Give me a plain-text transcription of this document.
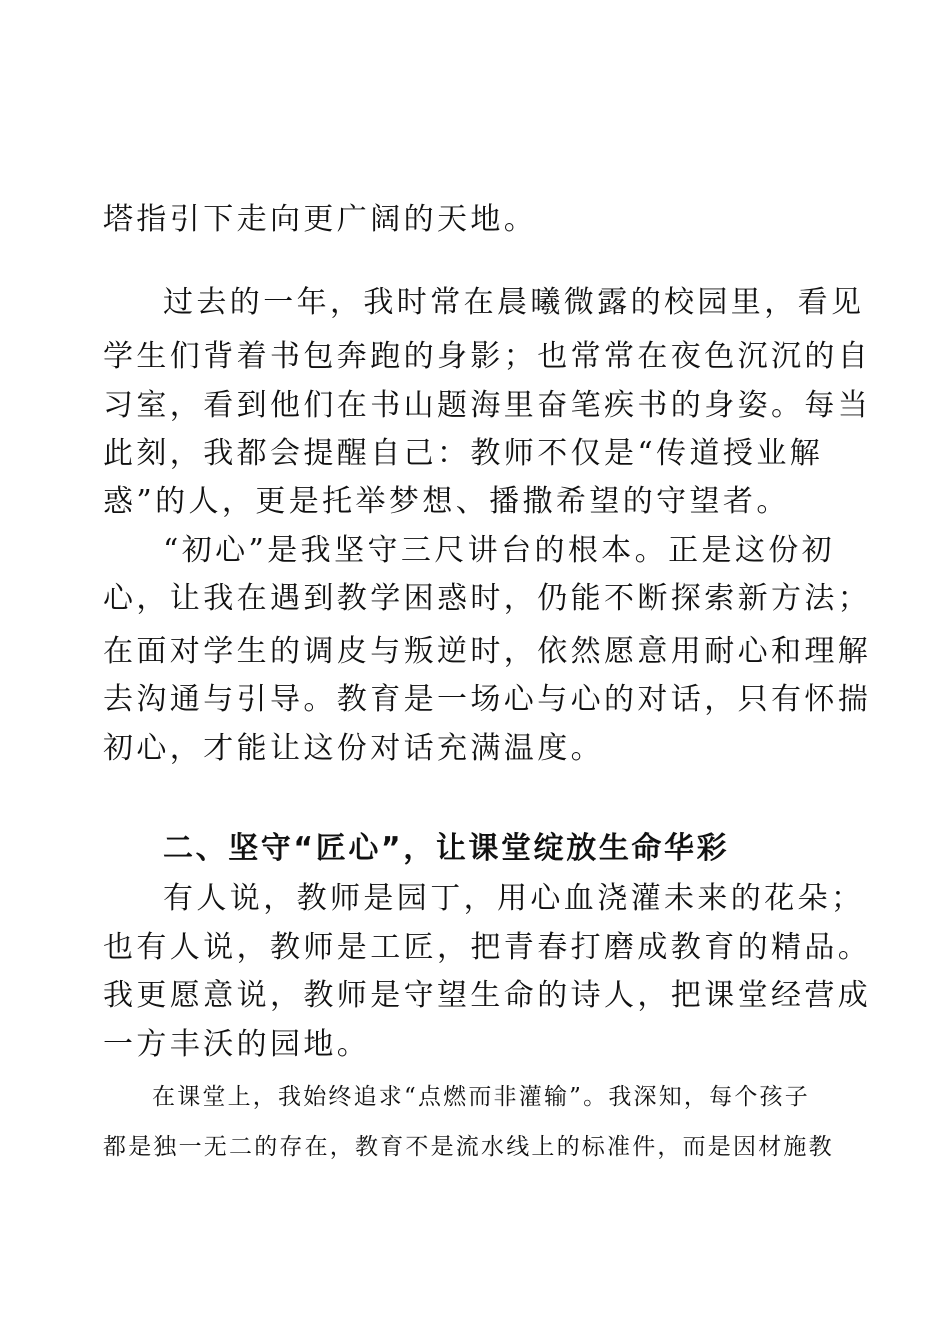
塔指引下走向更广阔的天地。
过去的一年，我时常在晨曦微露的校园里，看见
学生们背着书包奔跑的身影；也常常在夜色沉沉的自
习室，看到他们在书山题海里奋笔疾书的身姿。每当
此刻，我都会提醒自己：教师不仅是“传道授业解
惑”的人，更是托举梦想、播撒希望的守望者。
“初心”是我坚守三尺讲台的根本。正是这份初
心，让我在遇到教学困惑时，仍能不断探索新方法；
在面对学生的调皮与叛逆时，依然愿意用耐心和理解
去沟通与引导。教育是一场心与心的对话，只有怀揣
初心，才能让这份对话充满温度。
二、坚守“匠心”，让课堂绽放生命华彩
有人说，教师是园丁，用心血浇灌未来的花朵；
也有人说，教师是工匠，把青春打磨成教育的精品。
我更愿意说，教师是守望生命的诗人，把课堂经营成
一方丰沃的园地。
在课堂上，我始终追求“点燃而非灌输”。我深知，每个孩子
都是独一无二的存在，教育不是流水线上的标准件，而是因材施教
